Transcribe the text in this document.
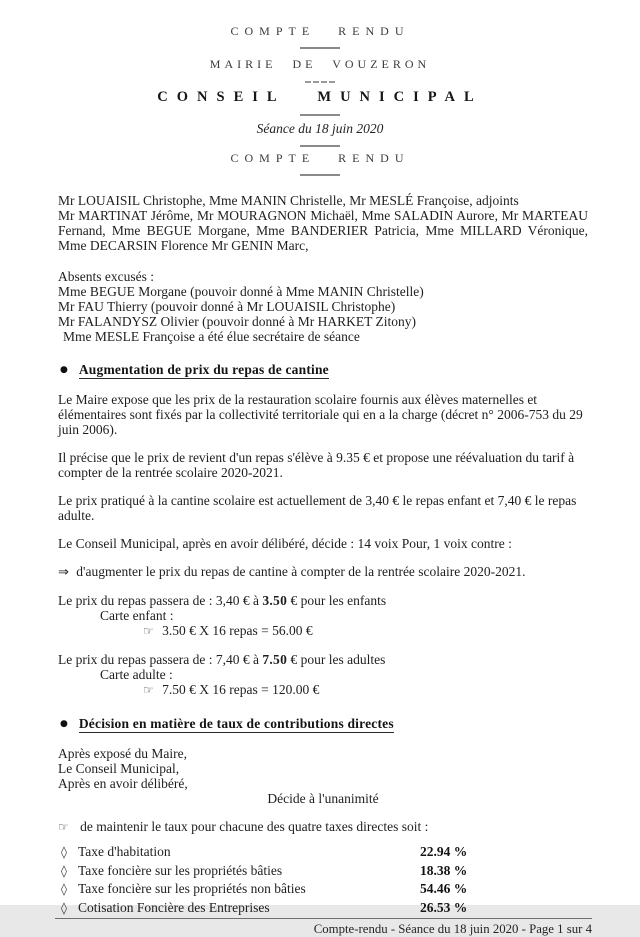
COMPTE RENDU
MAIRIE DE VOUZERON
CONSEIL MUNICIPAL
Séance du 18 juin 2020
COMPTE RENDU

Mr LOUAISIL Christophe, Mme MANIN Christelle, Mr MESLÉ Françoise, adjoints

Mr MARTINAT Jérôme, Mr MOURAGNON Michaël, Mme SALADIN Aurore, Mr MARTEAU Fernand, Mme BEGUE Morgane, Mme BANDERIER Patricia, Mme MILLARD Véronique, Mme DECARSIN Florence Mr GENIN Marc,

Absents excusés :

Mme BEGUE Morgane (pouvoir donné à Mme MANIN Christelle)

Mr FAU Thierry (pouvoir donné à Mr LOUAISIL Christophe)

Mr FALANDYSZ Olivier (pouvoir donné à Mr HARKET Zitony)

Mme MESLE Françoise a été élue secrétaire de séance

● Augmentation de prix du repas de cantine

Le Maire expose que les prix de la restauration scolaire fournis aux élèves maternelles et élémentaires sont fixés par la collectivité territoriale qui en a la charge (décret n° 2006-753 du 29 juin 2006).

Il précise que le prix de revient d'un repas s'élève à 9.35 € et propose une réévaluation du tarif à compter de la rentrée scolaire 2020-2021.

Le prix pratiqué à la cantine scolaire est actuellement de 3,40 € le repas enfant et 7,40 € le repas adulte.

Le Conseil Municipal, après en avoir délibéré, décide : 14 voix Pour, 1 voix contre :

⇒ d'augmenter le prix du repas de cantine à compter de la rentrée scolaire 2020-2021.
Le prix du repas passera de : 3,40 € à 3.50 € pour les enfants
Carte enfant :
☞ 3.50 € X 16 repas = 56.00 €
Le prix du repas passera de : 7,40 € à 7.50 € pour les adultes
Carte adulte :
☞ 7.50 € X 16 repas = 120.00 €
● Décision en matière de taux de contributions directes

Après exposé du Maire,

Le Conseil Municipal,

Après en avoir délibéré,

Décide à l'unanimité
☞ de maintenir le taux pour chacune des quatre taxes directes soit :
◊ Taxe d'habitation	22.94 %
◊ Taxe foncière sur les propriétés bâties	18.38 %
◊ Taxe foncière sur les propriétés non bâties	54.46 %
◊ Cotisation Foncière des Entreprises	26.53 %
Compte-rendu - Séance du 18 juin 2020 - Page 1 sur 4
